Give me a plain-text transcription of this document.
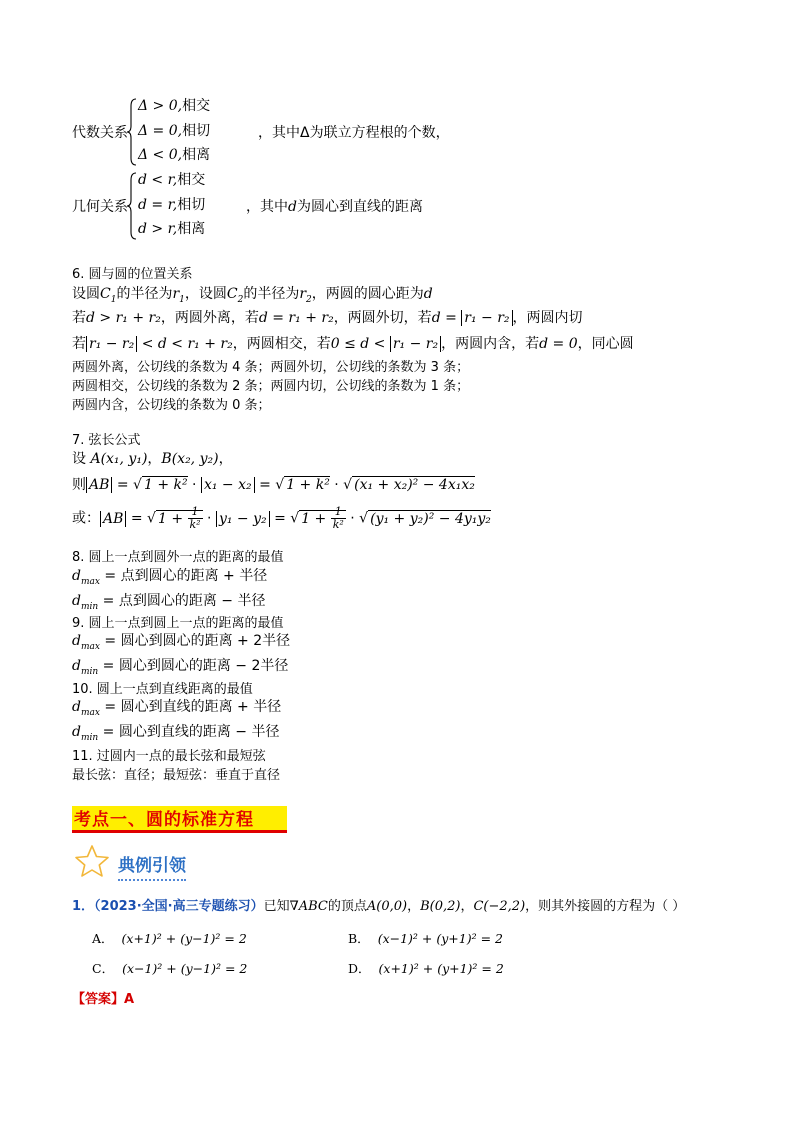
代数关系
Δ > 0,相交
Δ = 0,相切
Δ < 0,相离
，其中Δ为联立方程根的个数，
几何关系
d < r,相交
d = r,相切
d > r,相离
，其中d为圆心到直线的距离
6. 圆与圆的位置关系
设圆$C_1$的半径为$r_1$，设圆$C_2$的半径为$r_2$，两圆的圆心距为d
若d > r₁ + r₂，两圆外离，若d = r₁ + r₂，两圆外切，若d = r₁ − r₂ ，两圆内切
若 r₁ − r₂ < d < r₁ + r₂，两圆相交，若0 ≤ d < r₁ − r₂ ，两圆内含，若d = 0，同心圆
两圆外离，公切线的条数为 4 条；两圆外切，公切线的条数为 3 条；
两圆相交，公切线的条数为 2 条；两圆内切，公切线的条数为 1 条；
两圆内含，公切线的条数为 0 条；
7. 弦长公式
设 A(x₁, y₁)，B(x₂, y₂)，
则 AB = √ 1 + k² · x₁ − x₂ = √ 1 + k² · √ (x₁ + x₂)² − 4x₁x₂
或： AB = √ $1 + \frac{1}{\text{k²}} \cdot y_1 - y_2$ = √ $1 + \frac{1}{\text{k²}}$ · √ (y₁ + y₂)² − 4y₁y₂
8. 圆上一点到圆外一点的距离的最值
$d_{max}$ = 点到圆心的距离 + 半径
$d_{min}$ = 点到圆心的距离 − 半径
9. 圆上一点到圆上一点的距离的最值
$d_{max}$ = 圆心到圆心的距离 + 2半径
$d_{min}$ = 圆心到圆心的距离 − 2半径
10. 圆上一点到直线距离的最值
$d_{max}$ = 圆心到直线的距离 + 半径
$d_{min}$ = 圆心到直线的距离 − 半径
11. 过圆内一点的最长弦和最短弦
最长弦：直径；最短弦：垂直于直径
考点一、圆的标准方程
典例引领
1．（2023·全国·高三专题练习）已知∇ABC的顶点A(0,0)，B(0,2)，C(−2,2)，则其外接圆的方程为（ ）
A． (x+1)² + (y−1)² = 2	B． (x−1)² + (y+1)² = 2
C． (x−1)² + (y−1)² = 2	D． (x+1)² + (y+1)² = 2
【答案】A
